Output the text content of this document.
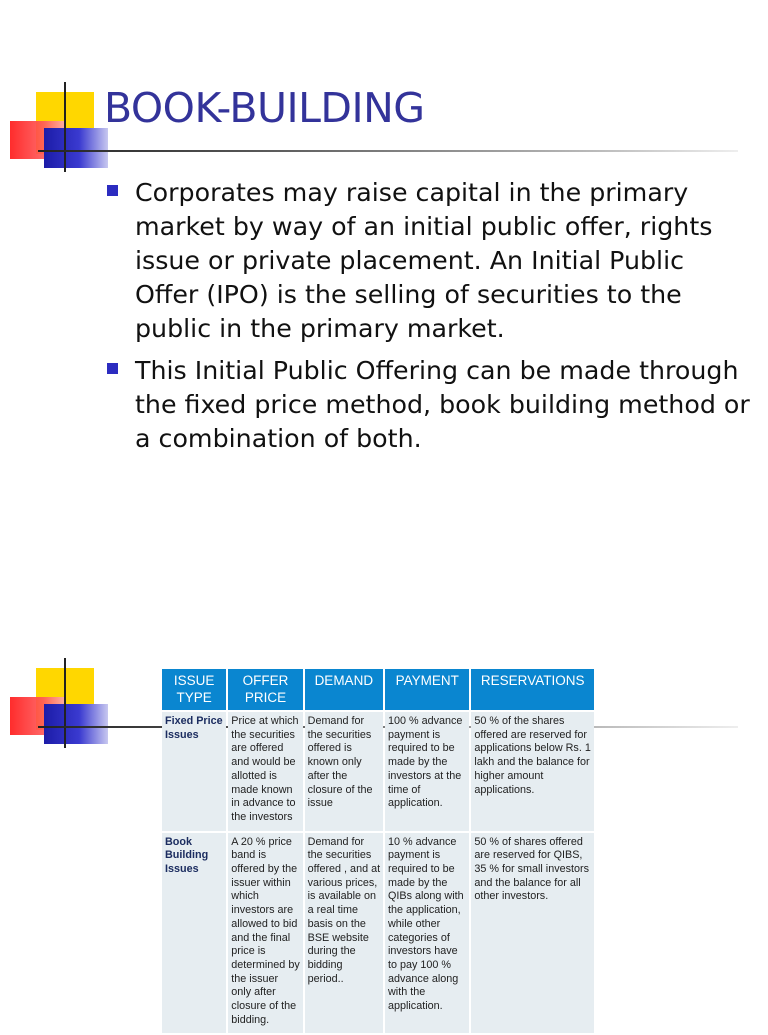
BOOK-BUILDING
Corporates may raise capital in the primary market by way of an initial public offer, rights issue or private placement. An Initial Public Offer (IPO) is the selling of securities to the public in the primary market.
This Initial Public Offering can be made through the fixed price method, book building method or a combination of both.
ISSUE TYPE	OFFER PRICE	DEMAND	PAYMENT	RESERVATIONS
Fixed Price Issues	Price at which the securities are offered and would be allotted is made known in advance to the investors	Demand for the securities offered is known only after the closure of the issue	100 % advance payment is required to be made by the investors at the time of application.	50 % of the shares offered are reserved for applications below Rs. 1 lakh and the balance for higher amount applications.
Book Building Issues	A 20 % price band is offered by the issuer within which investors are allowed to bid and the final price is determined by the issuer only after closure of the bidding.	Demand for the securities offered , and at various prices, is available on a real time basis on the BSE website during the bidding period..	10 % advance payment is required to be made by the QIBs along with the application, while other categories of investors have to pay 100 % advance along with the application.	50 % of shares offered are reserved for QIBS, 35 % for small investors and the balance for all other investors.
